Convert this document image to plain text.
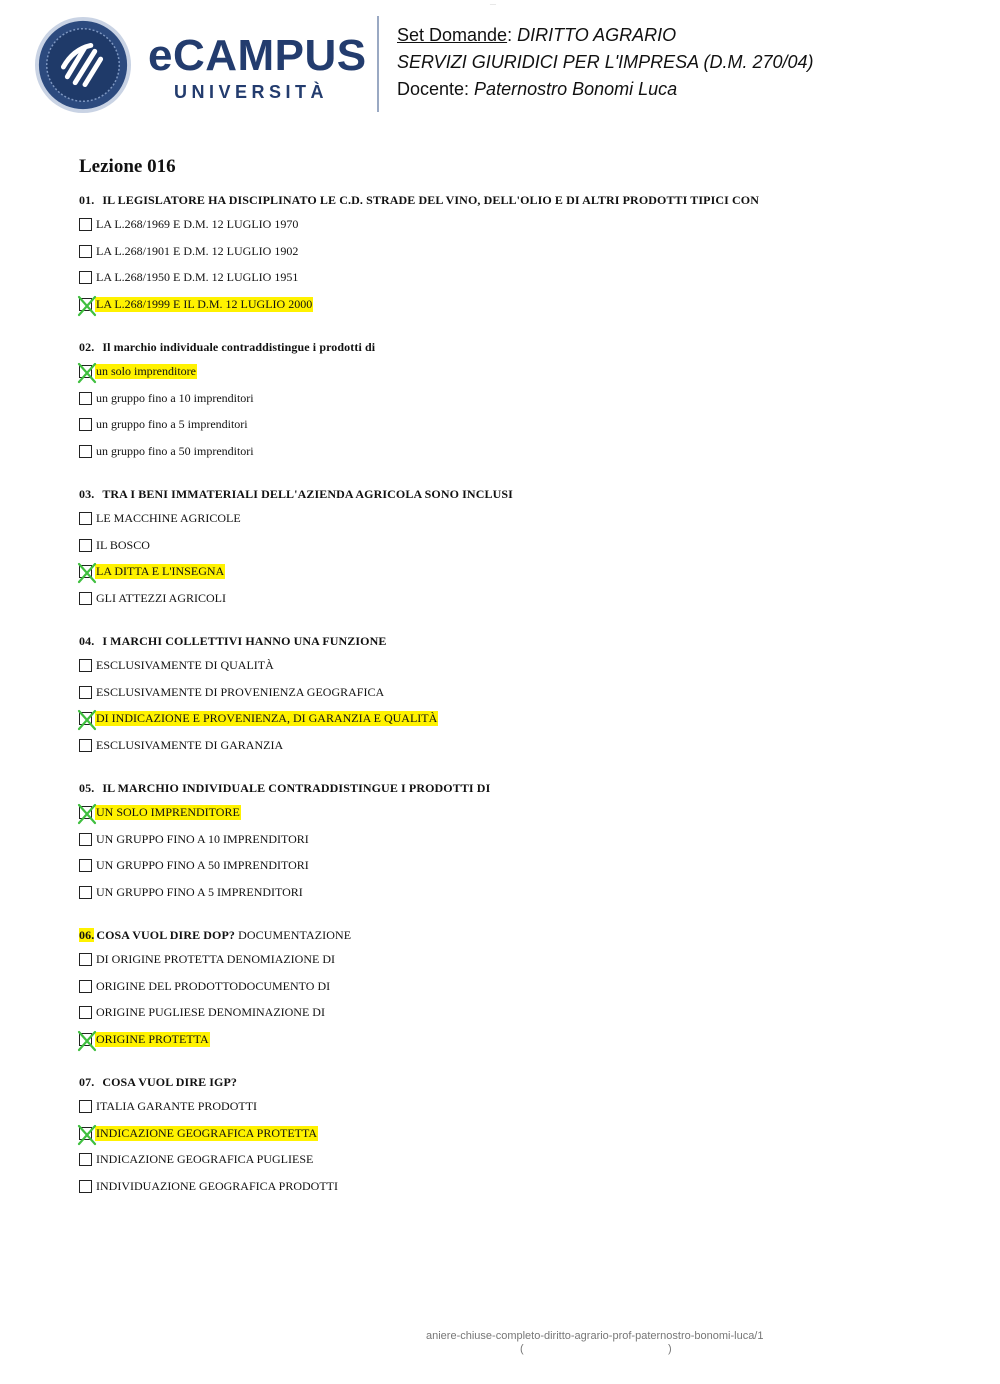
eCAMPUS
UNIVERSITÀ
Set Domande: DIRITTO AGRARIO
SERVIZI GIURIDICI PER L'IMPRESA (D.M. 270/04)
Docente: Paternostro Bonomi Luca
—
Lezione 016
01. IL LEGISLATORE HA DISCIPLINATO LE C.D. STRADE DEL VINO, DELL'OLIO E DI ALTRI PRODOTTI TIPICI CON
LA L.268/1969 E D.M. 12 LUGLIO 1970
LA L.268/1901 E D.M. 12 LUGLIO 1902
LA L.268/1950 E D.M. 12 LUGLIO 1951
LA L.268/1999 E IL D.M. 12 LUGLIO 2000
02. Il marchio individuale contraddistingue i prodotti di
un solo imprenditore
un gruppo fino a 10 imprenditori
un gruppo fino a 5 imprenditori
un gruppo fino a 50 imprenditori
03. TRA I BENI IMMATERIALI DELL'AZIENDA AGRICOLA SONO INCLUSI
LE MACCHINE AGRICOLE
IL BOSCO
LA DITTA E L'INSEGNA
GLI ATTEZZI AGRICOLI
04. I MARCHI COLLETTIVI HANNO UNA FUNZIONE
ESCLUSIVAMENTE DI QUALITÀ
ESCLUSIVAMENTE DI PROVENIENZA GEOGRAFICA
DI INDICAZIONE E PROVENIENZA, DI GARANZIA E QUALITÀ
ESCLUSIVAMENTE DI GARANZIA
05. IL MARCHIO INDIVIDUALE CONTRADDISTINGUE I PRODOTTI DI
UN SOLO IMPRENDITORE
UN GRUPPO FINO A 10 IMPRENDITORI
UN GRUPPO FINO A 50 IMPRENDITORI
UN GRUPPO FINO A 5 IMPRENDITORI
06. COSA VUOL DIRE DOP? DOCUMENTAZIONE
DI ORIGINE PROTETTA DENOMIAZIONE DI
ORIGINE DEL PRODOTTODOCUMENTO DI
ORIGINE PUGLIESE DENOMINAZIONE DI
ORIGINE PROTETTA
07. COSA VUOL DIRE IGP?
ITALIA GARANTE PRODOTTI
INDICAZIONE GEOGRAFICA PROTETTA
INDICAZIONE GEOGRAFICA PUGLIESE
INDIVIDUAZIONE GEOGRAFICA PRODOTTI
aniere-chiuse-completo-diritto-agrario-prof-paternostro-bonomi-luca/1
(	)
